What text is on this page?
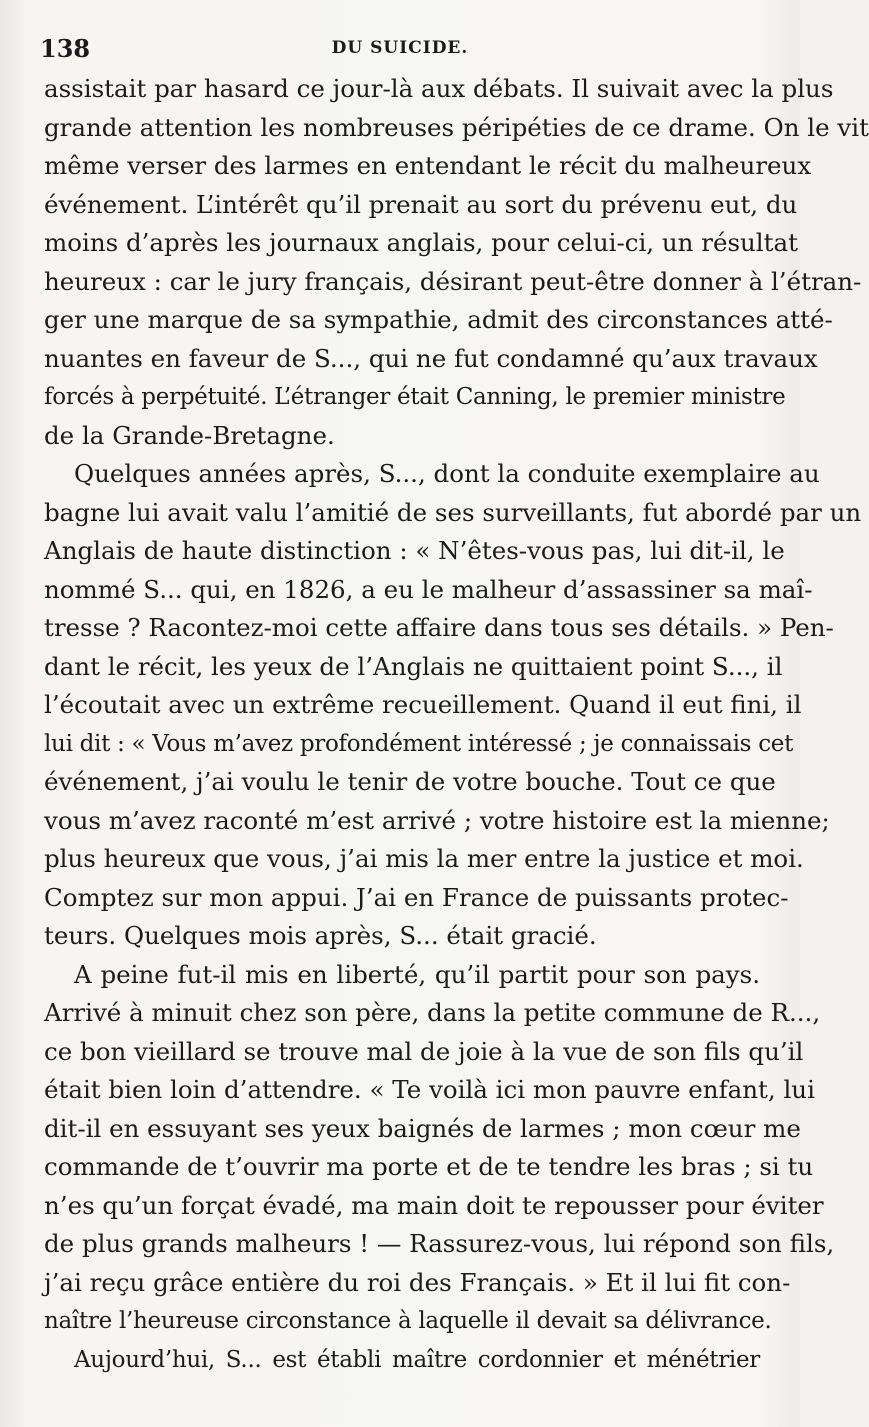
138	DU SUICIDE.
assistait par hasard ce jour-là aux débats. Il suivait avec la plus
grande attention les nombreuses péripéties de ce drame. On le vit
même verser des larmes en entendant le récit du malheureux
événement. L’intérêt qu’il prenait au sort du prévenu eut, du
moins d’après les journaux anglais, pour celui-ci, un résultat
heureux : car le jury français, désirant peut-être donner à l’étran-
ger une marque de sa sympathie, admit des circonstances atté-
nuantes en faveur de S..., qui ne fut condamné qu’aux travaux
forcés à perpétuité. L’étranger était Canning, le premier ministre
de la Grande-Bretagne.
Quelques années après, S..., dont la conduite exemplaire au
bagne lui avait valu l’amitié de ses surveillants, fut abordé par un
Anglais de haute distinction : « N’êtes-vous pas, lui dit-il, le
nommé S... qui, en 1826, a eu le malheur d’assassiner sa maî-
tresse ? Racontez-moi cette affaire dans tous ses détails. » Pen-
dant le récit, les yeux de l’Anglais ne quittaient point S..., il
l’écoutait avec un extrême recueillement. Quand il eut fini, il
lui dit : « Vous m’avez profondément intéressé ; je connaissais cet
événement, j’ai voulu le tenir de votre bouche. Tout ce que
vous m’avez raconté m’est arrivé ; votre histoire est la mienne;
plus heureux que vous, j’ai mis la mer entre la justice et moi.
Comptez sur mon appui. J’ai en France de puissants protec-
teurs. Quelques mois après, S... était gracié.
A peine fut-il mis en liberté, qu’il partit pour son pays.
Arrivé à minuit chez son père, dans la petite commune de R...,
ce bon vieillard se trouve mal de joie à la vue de son fils qu’il
était bien loin d’attendre. « Te voilà ici mon pauvre enfant, lui
dit-il en essuyant ses yeux baignés de larmes ; mon cœur me
commande de t’ouvrir ma porte et de te tendre les bras ; si tu
n’es qu’un forçat évadé, ma main doit te repousser pour éviter
de plus grands malheurs ! — Rassurez-vous, lui répond son fils,
j’ai reçu grâce entière du roi des Français. » Et il lui fit con-
naître l’heureuse circonstance à laquelle il devait sa délivrance.
Aujourd’hui, S... est établi maître cordonnier et ménétrier
